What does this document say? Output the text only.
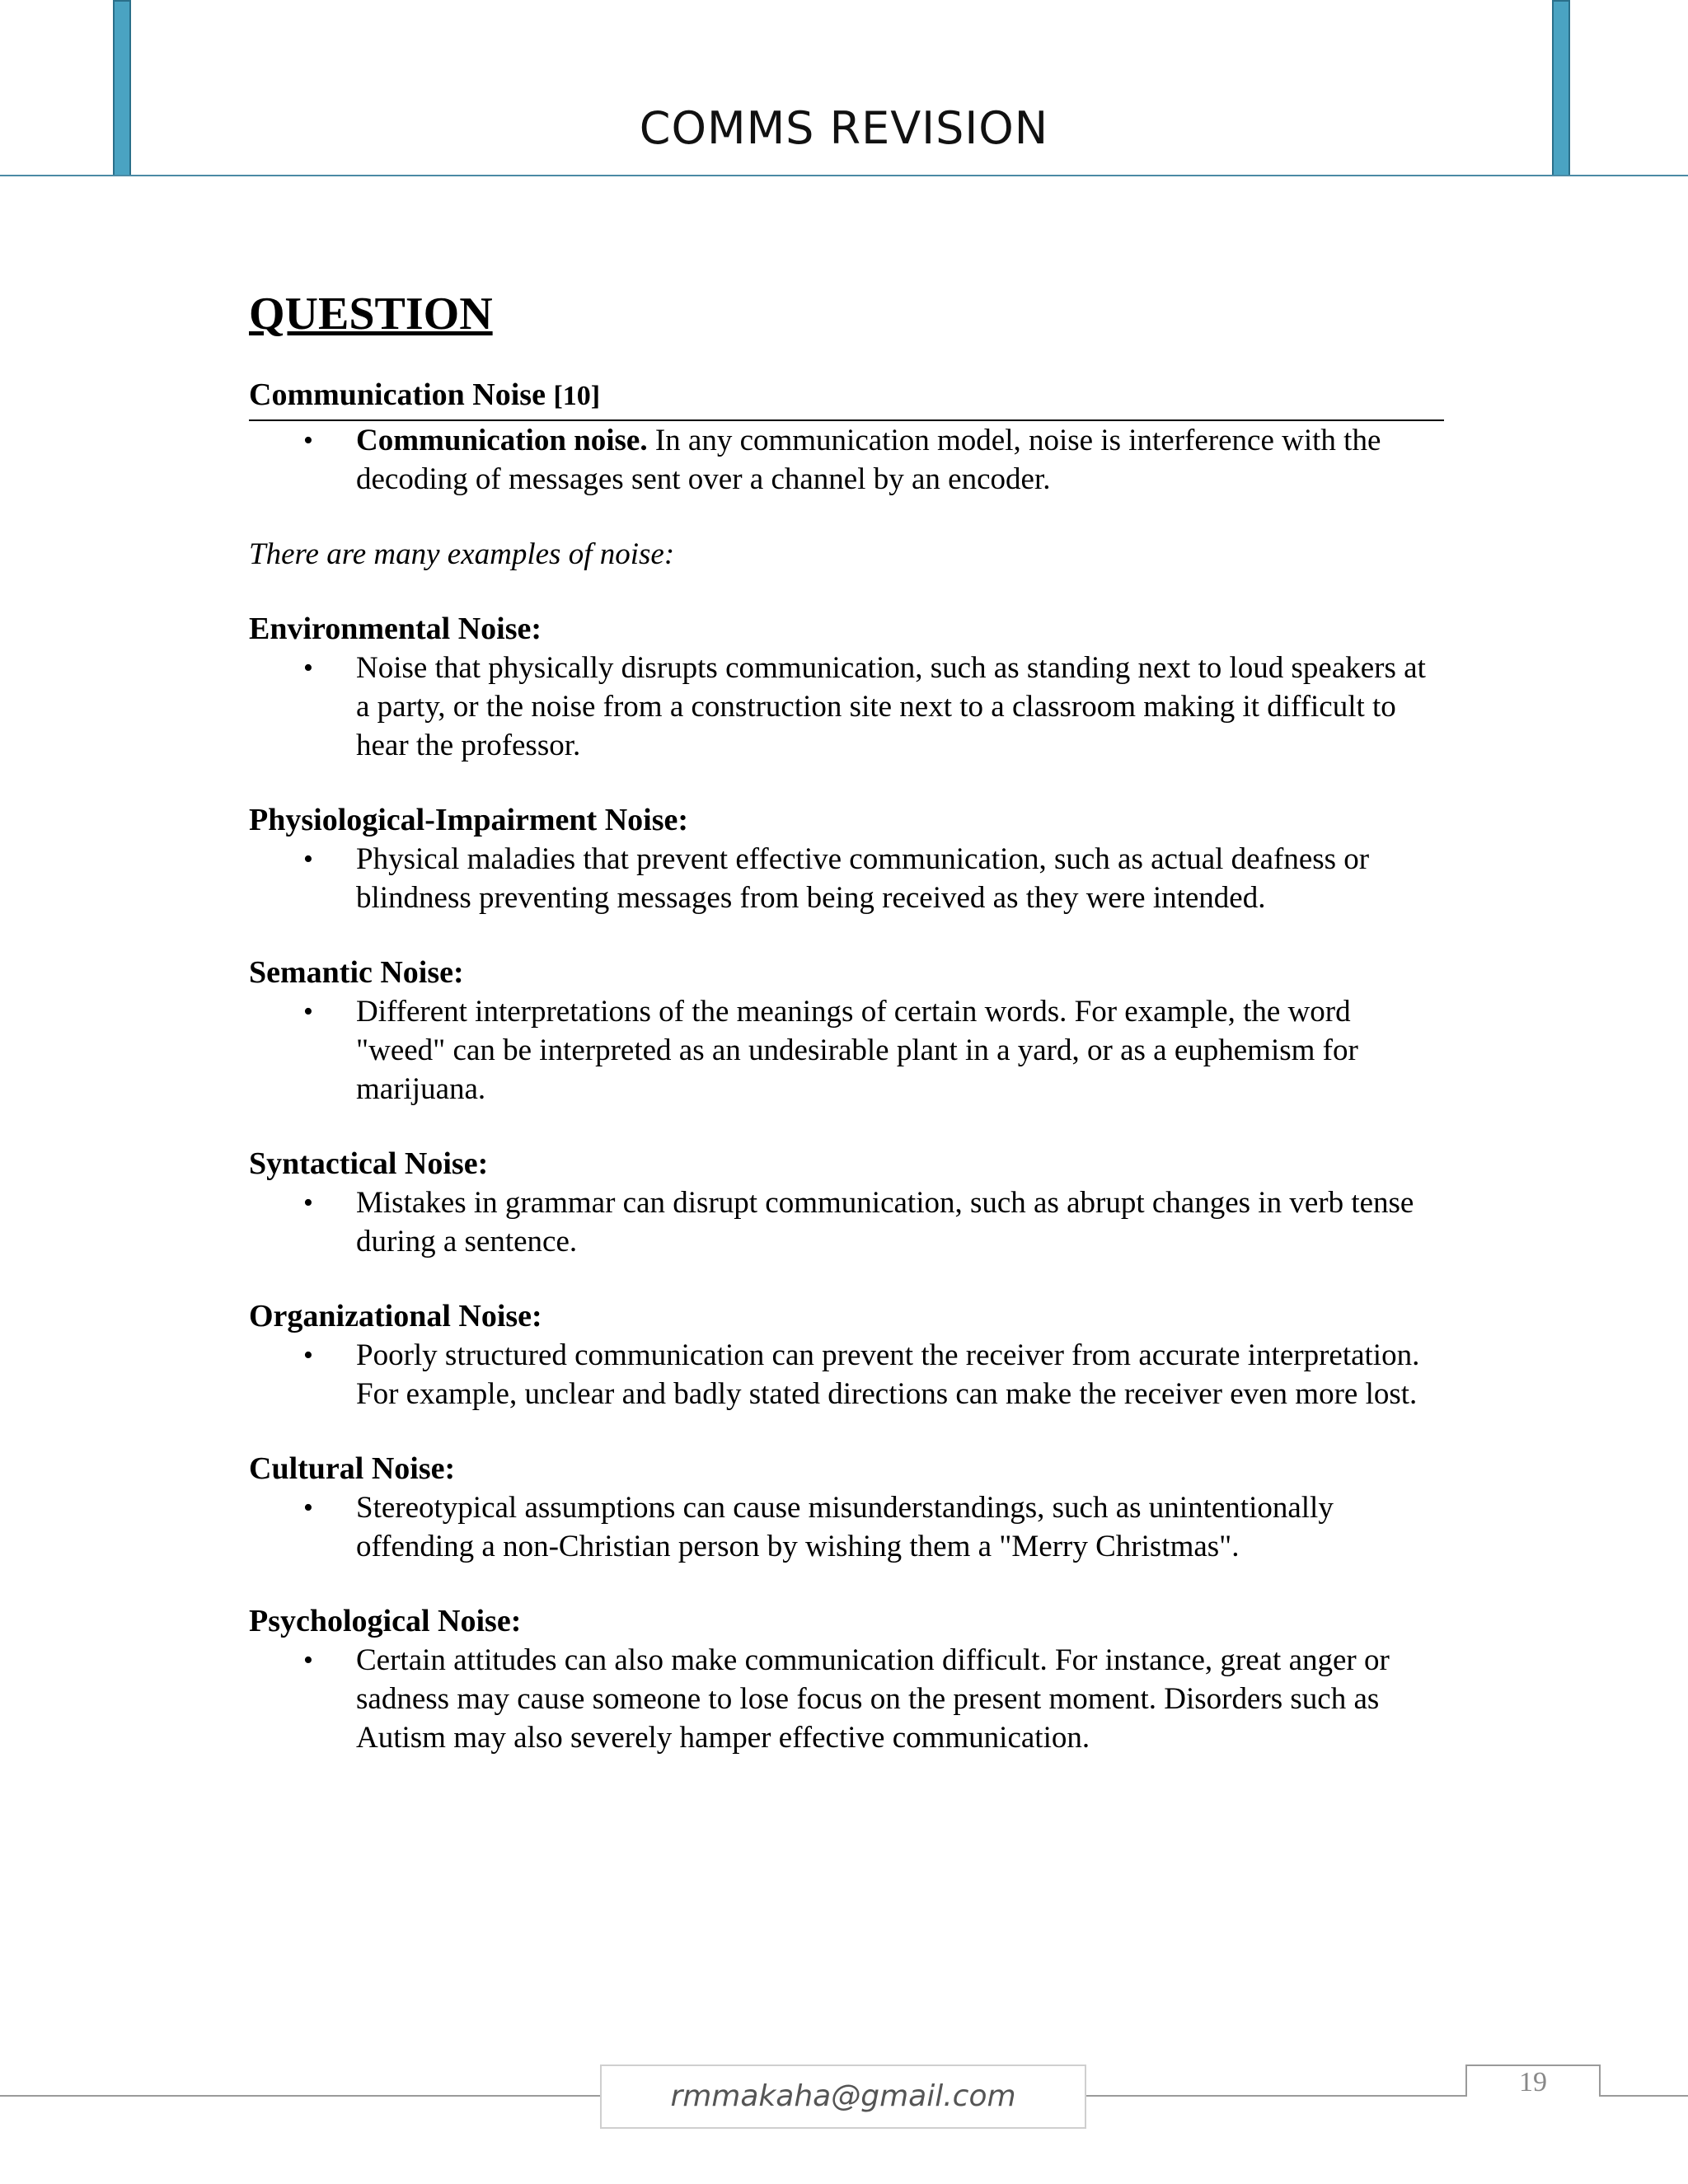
COMMS REVISION
QUESTION
Communication Noise [10]
• Communication noise. In any communication model, noise is interference with the decoding of messages sent over a channel by an encoder.
There are many examples of noise:
Environmental Noise:
• Noise that physically disrupts communication, such as standing next to loud speakers at a party, or the noise from a construction site next to a classroom making it difficult to hear the professor.
Physiological-Impairment Noise:
• Physical maladies that prevent effective communication, such as actual deafness or blindness preventing messages from being received as they were intended.
Semantic Noise:
• Different interpretations of the meanings of certain words. For example, the word "weed" can be interpreted as an undesirable plant in a yard, or as a euphemism for marijuana.
Syntactical Noise:
• Mistakes in grammar can disrupt communication, such as abrupt changes in verb tense during a sentence.
Organizational Noise:
• Poorly structured communication can prevent the receiver from accurate interpretation. For example, unclear and badly stated directions can make the receiver even more lost.
Cultural Noise:
• Stereotypical assumptions can cause misunderstandings, such as unintentionally offending a non-Christian person by wishing them a "Merry Christmas".
Psychological Noise:
• Certain attitudes can also make communication difficult. For instance, great anger or sadness may cause someone to lose focus on the present moment. Disorders such as Autism may also severely hamper effective communication.
rmmakaha@gmail.com	19
